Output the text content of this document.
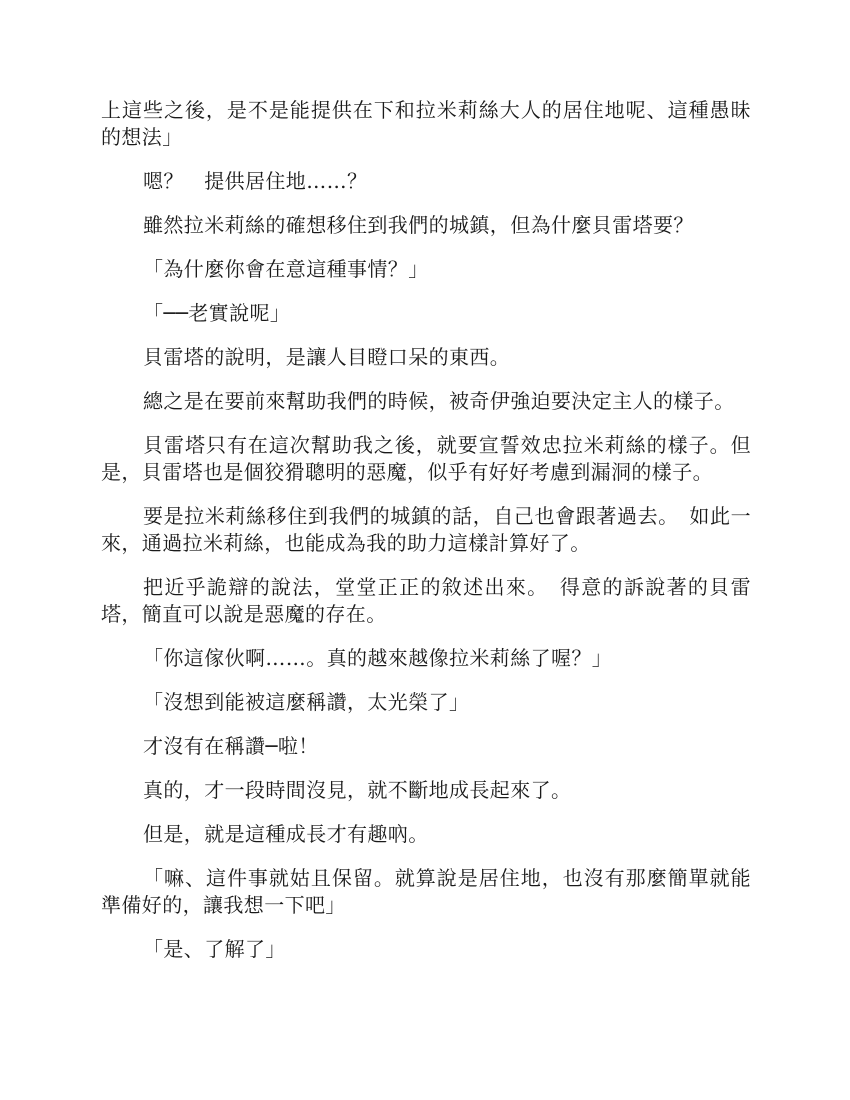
上這些之後，是不是能提供在下和拉米莉絲大人的居住地呢、這種愚昧的想法」

嗯？　提供居住地……？

雖然拉米莉絲的確想移住到我們的城鎮，但為什麼貝雷塔要？

「為什麼你會在意這種事情？」

「──老實說呢」

貝雷塔的說明，是讓人目瞪口呆的東西。

總之是在要前來幫助我們的時候，被奇伊強迫要決定主人的樣子。

貝雷塔只有在這次幫助我之後，就要宣誓效忠拉米莉絲的樣子。但是，貝雷塔也是個狡猾聰明的惡魔，似乎有好好考慮到漏洞的樣子。

要是拉米莉絲移住到我們的城鎮的話，自己也會跟著過去。　如此一來，通過拉米莉絲，也能成為我的助力這樣計算好了。

把近乎詭辯的說法，堂堂正正的敘述出來。　得意的訴說著的貝雷塔，簡直可以說是惡魔的存在。

「你這傢伙啊……。真的越來越像拉米莉絲了喔？」

「沒想到能被這麼稱讚，太光榮了」

才沒有在稱讚─啦！

真的，才一段時間沒見，就不斷地成長起來了。

但是，就是這種成長才有趣吶。

「嘛、這件事就姑且保留。就算說是居住地，也沒有那麼簡單就能準備好的，讓我想一下吧」

「是、了解了」
